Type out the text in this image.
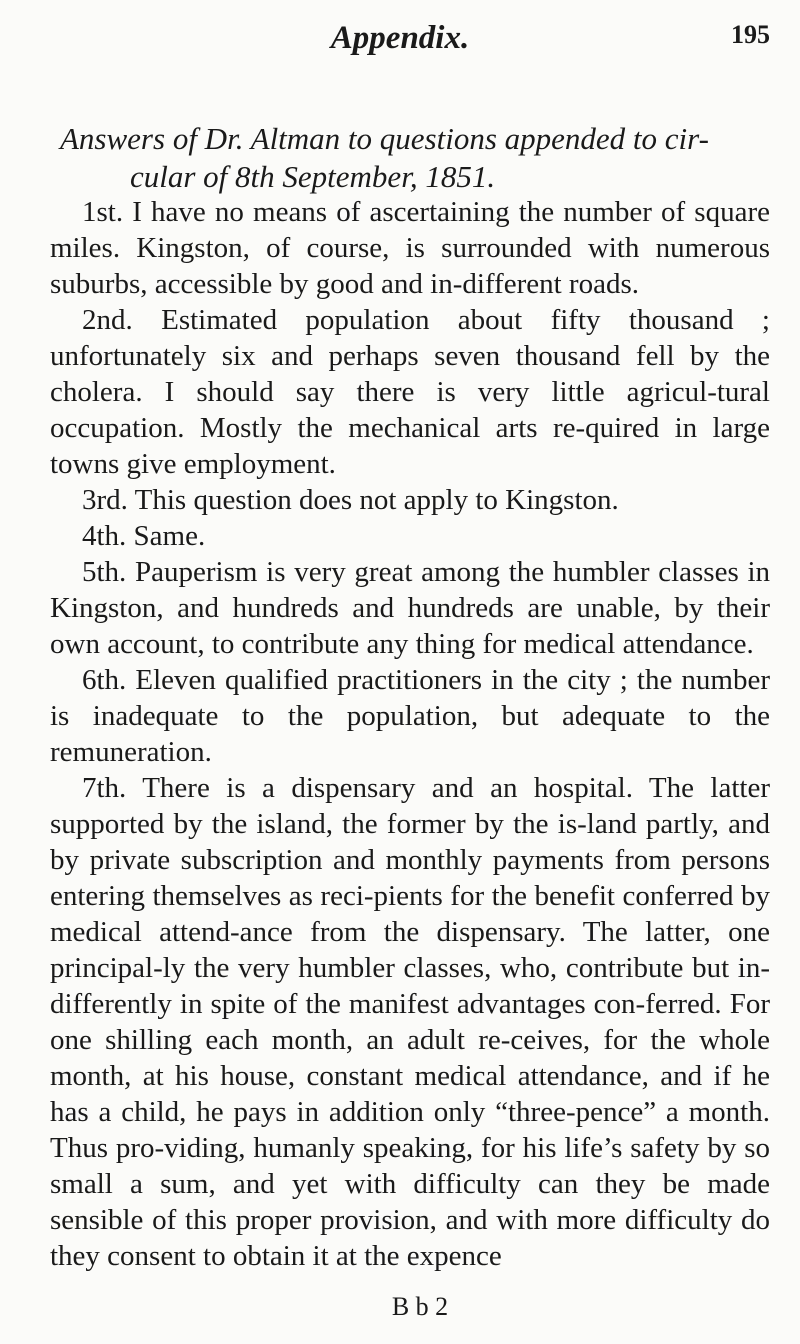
Appendix.	195
Answers of Dr. Altman to questions appended to cir-
cular of 8th September, 1851.

1st. I have no means of ascertaining the number of square miles. Kingston, of course, is surrounded with numerous suburbs, accessible by good and in-different roads.

2nd. Estimated population about fifty thousand ; unfortunately six and perhaps seven thousand fell by the cholera. I should say there is very little agricul-tural occupation. Mostly the mechanical arts re-quired in large towns give employment.

3rd. This question does not apply to Kingston.

4th. Same.

5th. Pauperism is very great among the humbler classes in Kingston, and hundreds and hundreds are unable, by their own account, to contribute any thing for medical attendance.

6th. Eleven qualified practitioners in the city ; the number is inadequate to the population, but adequate to the remuneration.

7th. There is a dispensary and an hospital. The latter supported by the island, the former by the is-land partly, and by private subscription and monthly payments from persons entering themselves as reci-pients for the benefit conferred by medical attend-ance from the dispensary. The latter, one principal-ly the very humbler classes, who, contribute but in-differently in spite of the manifest advantages con-ferred. For one shilling each month, an adult re-ceives, for the whole month, at his house, constant medical attendance, and if he has a child, he pays in addition only “three-pence” a month. Thus pro-viding, humanly speaking, for his life’s safety by so small a sum, and yet with difficulty can they be made sensible of this proper provision, and with more difficulty do they consent to obtain it at the expence

B b 2
